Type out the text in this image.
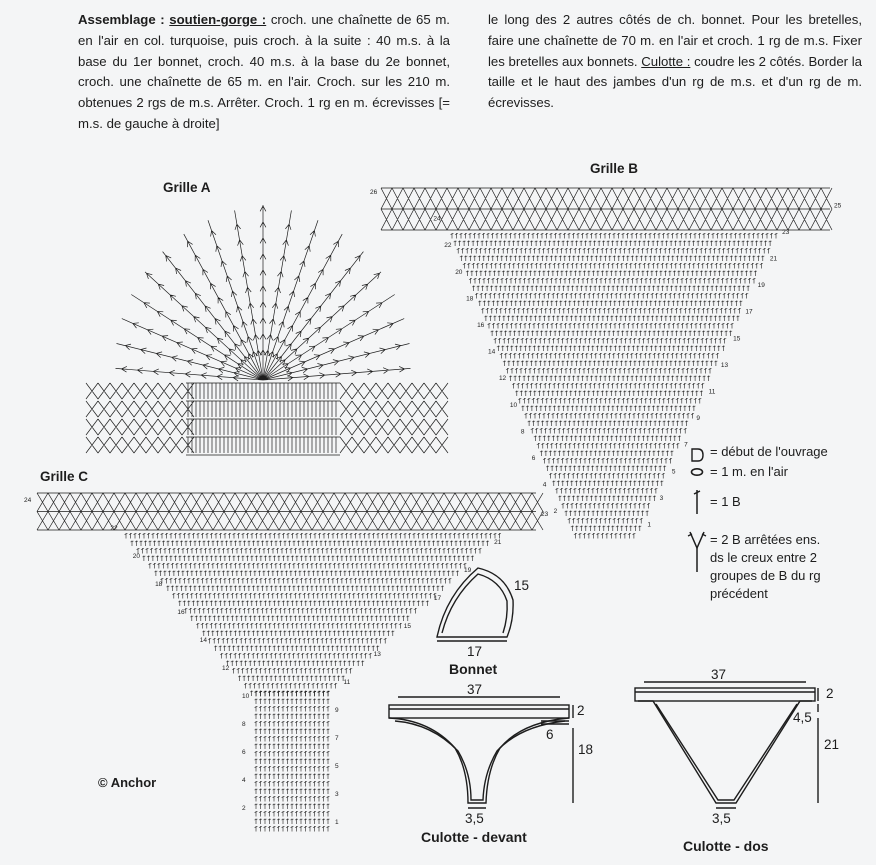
Assemblage : soutien-gorge : croch. une chaînette de 65 m. en l'air en col. turquoise, puis croch. à la suite : 40 m.s. à la base du 1er bonnet, croch. 40 m.s. à la base du 2e bonnet, croch. une chaînette de 65 m. en l'air. Croch. sur les 210 m. obtenues 2 rgs de m.s. Arrêter. Croch. 1 rg en m. écrevisses [= m.s. de gauche à droite]
le long des 2 autres côtés de ch. bonnet. Pour les bretelles, faire une chaînette de 70 m. en l'air et croch. 1 rg de m.s. Fixer les bretelles aux bonnets. Culotte : coudre les 2 côtés. Border la taille et le haut des jambes d'un rg de m.s. et d'un rg de m. écrevisses.
Grille A
Grille B
Grille C
26
25
24
23
22
21
20
19
18
17
16
15
14
13
12
11
10
9
8
7
6
5
4
3
2
1
24
23
22
21
20
19
18
17
16
15
14
13
12
11
10
9
8
7
6
5
4
3
2
1
= début de l'ouvrage
= 1 m. en l'air
= 1 B
= 2 B arrêtées ens.
ds le creux entre 2
groupes de B du rg
précédent
15
17
Bonnet
37
2
6
18
3,5
Culotte - devant
37
2
4,5
21
3,5
Culotte - dos
© Anchor
